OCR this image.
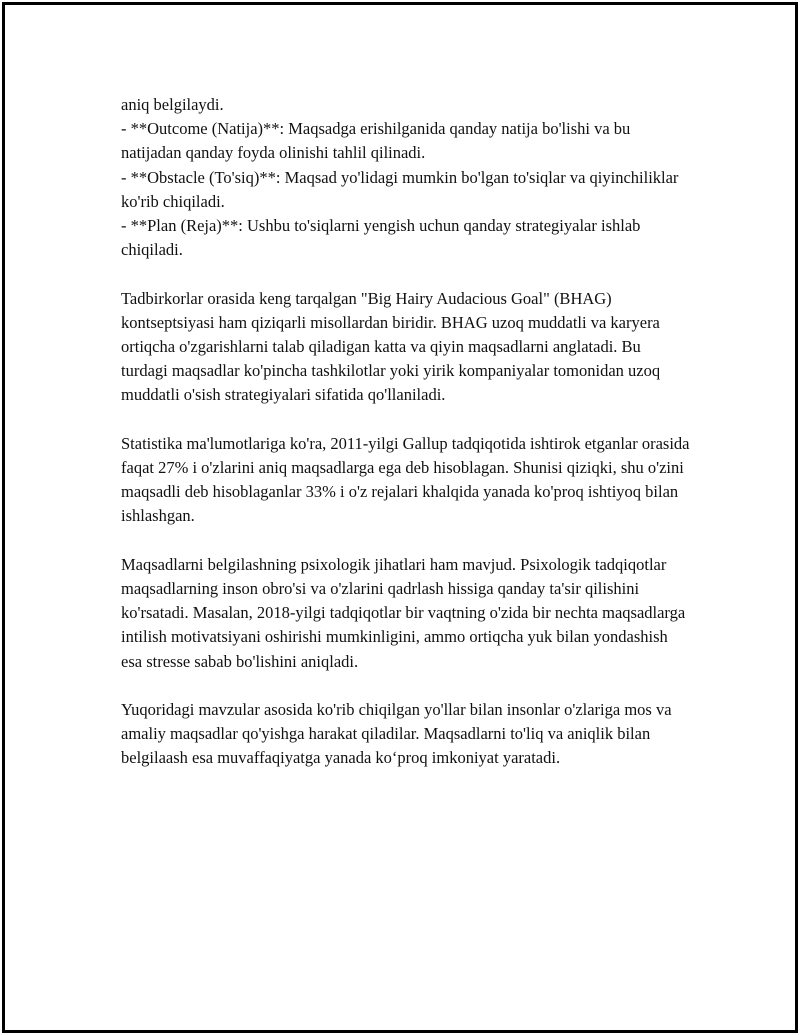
aniq belgilaydi.

- **Outcome (Natija)**: Maqsadga erishilganida qanday natija bo'lishi va bu natijadan qanday foyda olinishi tahlil qilinadi.

- **Obstacle (To'siq)**: Maqsad yo'lidagi mumkin bo'lgan to'siqlar va qiyinchiliklar ko'rib chiqiladi.

- **Plan (Reja)**: Ushbu to'siqlarni yengish uchun qanday strategiyalar ishlab chiqiladi.

Tadbirkorlar orasida keng tarqalgan "Big Hairy Audacious Goal" (BHAG) kontseptsiyasi ham qiziqarli misollardan biridir. BHAG uzoq muddatli va karyera ortiqcha o'zgarishlarni talab qiladigan katta va qiyin maqsadlarni anglatadi. Bu turdagi maqsadlar ko'pincha tashkilotlar yoki yirik kompaniyalar tomonidan uzoq muddatli o'sish strategiyalari sifatida qo'llaniladi.

Statistika ma'lumotlariga ko'ra, 2011-yilgi Gallup tadqiqotida ishtirok etganlar orasida faqat 27% i o'zlarini aniq maqsadlarga ega deb hisoblagan. Shunisi qiziqki, shu o'zini maqsadli deb hisoblaganlar 33% i o'z rejalari khalqida yanada ko'proq ishtiyoq bilan ishlashgan.

Maqsadlarni belgilashning psixologik jihatlari ham mavjud. Psixologik tadqiqotlar maqsadlarning inson obro'si va o'zlarini qadrlash hissiga qanday ta'sir qilishini ko'rsatadi. Masalan, 2018-yilgi tadqiqotlar bir vaqtning o'zida bir nechta maqsadlarga intilish motivatsiyani oshirishi mumkinligini, ammo ortiqcha yuk bilan yondashish esa stresse sabab bo'lishini aniqladi.

Yuqoridagi mavzular asosida ko'rib chiqilgan yo'llar bilan insonlar o'zlariga mos va amaliy maqsadlar qo'yishga harakat qiladilar. Maqsadlarni to'liq va aniqlik bilan belgilaash esa muvaffaqiyatga yanada ko‘proq imkoniyat yaratadi.
